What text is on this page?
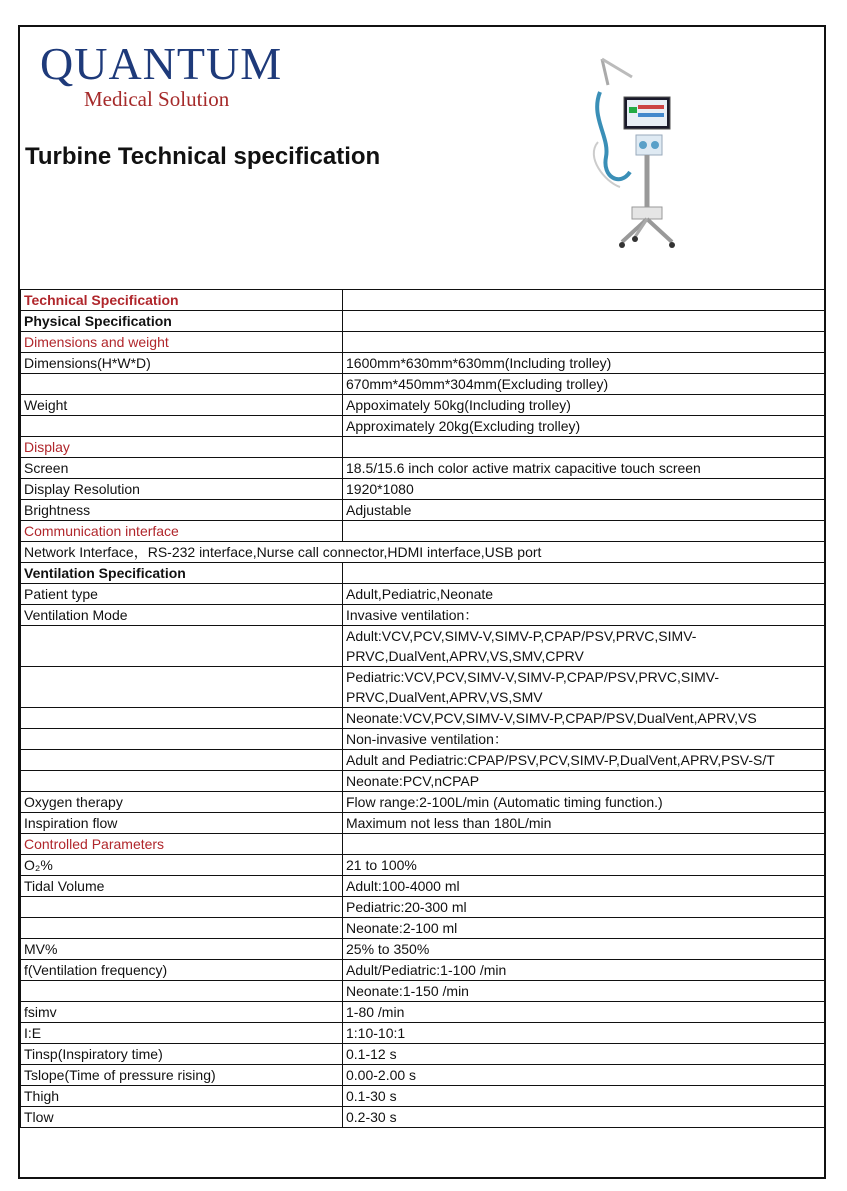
QUANTUM
Medical Solution
Turbine Technical specification
Technical Specification	
Physical Specification	
Dimensions and weight	
Dimensions(H*W*D)	1600mm*630mm*630mm(Including trolley)
	670mm*450mm*304mm(Excluding trolley)
Weight	Appoximately 50kg(Including trolley)
	Approximately 20kg(Excluding trolley)
Display	
Screen	18.5/15.6 inch color active matrix capacitive touch screen
Display Resolution	1920*1080
Brightness	Adjustable
Communication interface	
Network Interface，RS-232 interface,Nurse call connector,HDMI interface,USB port	
Ventilation Specification	
Patient type	Adult,Pediatric,Neonate
Ventilation Mode	Invasive ventilation：
	Adult:VCV,PCV,SIMV-V,SIMV-P,CPAP/PSV,PRVC,SIMV-PRVC,DualVent,APRV,VS,SMV,CPRV
	Pediatric:VCV,PCV,SIMV-V,SIMV-P,CPAP/PSV,PRVC,SIMV-PRVC,DualVent,APRV,VS,SMV
	Neonate:VCV,PCV,SIMV-V,SIMV-P,CPAP/PSV,DualVent,APRV,VS
	Non-invasive ventilation：
	Adult and Pediatric:CPAP/PSV,PCV,SIMV-P,DualVent,APRV,PSV-S/T
	Neonate:PCV,nCPAP
Oxygen therapy	Flow range:2-100L/min (Automatic timing function.)
Inspiration flow	Maximum not less than 180L/min
Controlled Parameters	
O₂%	21 to 100%
Tidal Volume	Adult:100-4000 ml
	Pediatric:20-300 ml
	Neonate:2-100 ml
MV%	25% to 350%
f(Ventilation frequency)	Adult/Pediatric:1-100 /min
	Neonate:1-150 /min
fsimv	1-80 /min
I:E	1:10-10:1
Tinsp(Inspiratory time)	0.1-12 s
Tslope(Time of pressure rising)	0.00-2.00 s
Thigh	0.1-30 s
Tlow	0.2-30 s
